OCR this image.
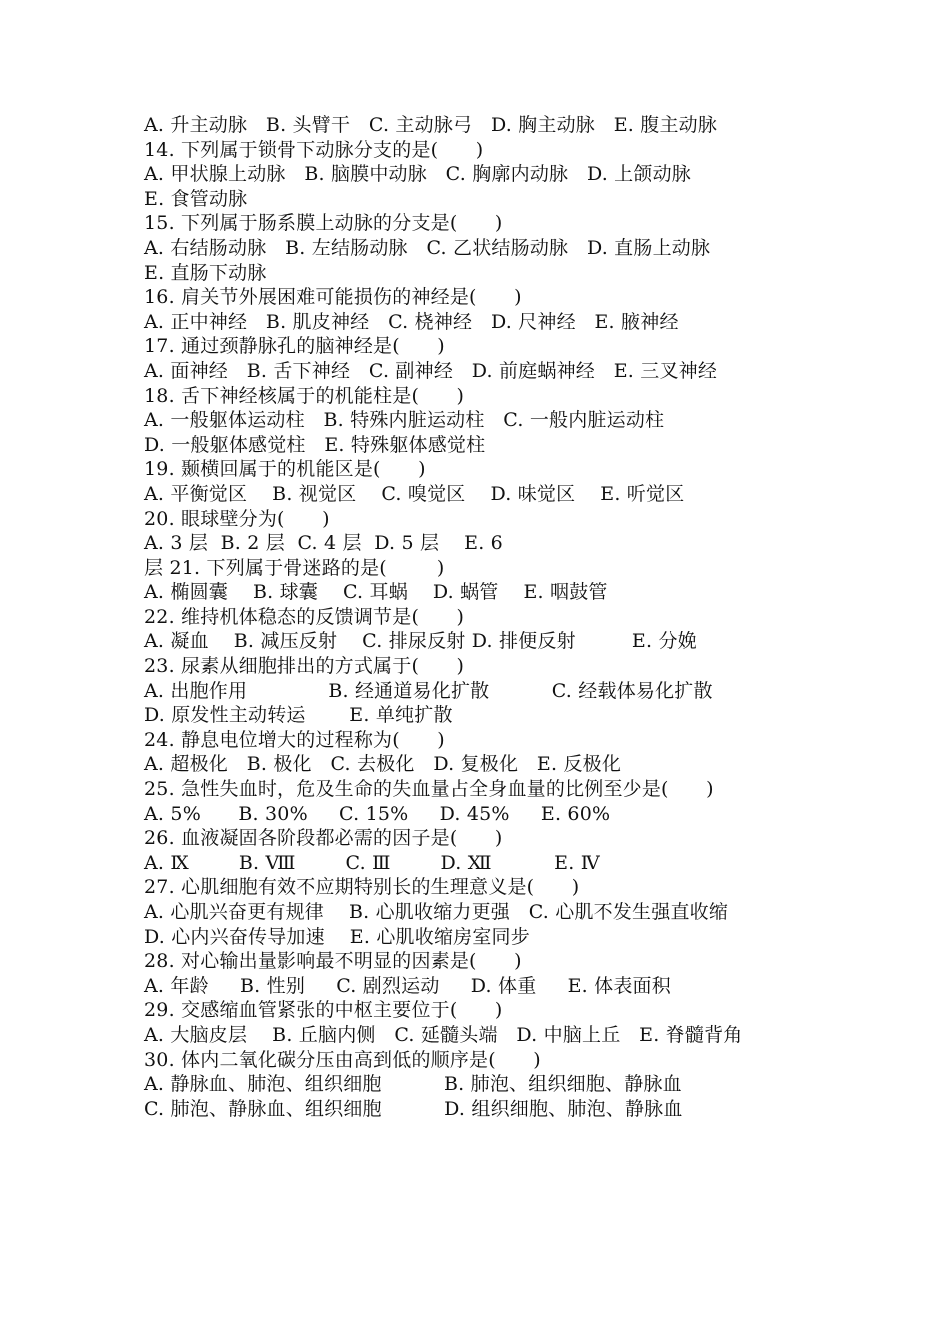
A. 升主动脉   B. 头臂干   C. 主动脉弓   D. 胸主动脉   E. 腹主动脉
14. 下列属于锁骨下动脉分支的是(      )
A. 甲状腺上动脉   B. 脑膜中动脉   C. 胸廓内动脉   D. 上颌动脉
E. 食管动脉
15. 下列属于肠系膜上动脉的分支是(      )
A. 右结肠动脉   B. 左结肠动脉   C. 乙状结肠动脉   D. 直肠上动脉
E. 直肠下动脉
16. 肩关节外展困难可能损伤的神经是(      )
A. 正中神经   B. 肌皮神经   C. 桡神经   D. 尺神经   E. 腋神经
17. 通过颈静脉孔的脑神经是(      )
A. 面神经   B. 舌下神经   C. 副神经   D. 前庭蜗神经   E. 三叉神经
18. 舌下神经核属于的机能柱是(      )
A. 一般躯体运动柱   B. 特殊内脏运动柱   C. 一般内脏运动柱
D. 一般躯体感觉柱   E. 特殊躯体感觉柱
19. 颞横回属于的机能区是(      )
A. 平衡觉区    B. 视觉区    C. 嗅觉区    D. 味觉区    E. 听觉区
20. 眼球壁分为(      )
A. 3 层  B. 2 层  C. 4 层  D. 5 层    E. 6
层 21. 下列属于骨迷路的是(        )
A. 椭圆囊    B. 球囊    C. 耳蜗    D. 蜗管    E. 咽鼓管
22. 维持机体稳态的反馈调节是(      )
A. 凝血    B. 减压反射    C. 排尿反射 D. 排便反射         E. 分娩
23. 尿素从细胞排出的方式属于(      )
A. 出胞作用             B. 经通道易化扩散          C. 经载体易化扩散
D. 原发性主动转运       E. 单纯扩散
24. 静息电位增大的过程称为(      )
A. 超极化   B. 极化   C. 去极化   D. 复极化   E. 反极化
25. 急性失血时，危及生命的失血量占全身血量的比例至少是(      )
A. 5%      B. 30%     C. 15%     D. 45%     E. 60%
26. 血液凝固各阶段都必需的因子是(      )
A. Ⅸ        B. Ⅷ        C. Ⅲ        D. Ⅻ          E. Ⅳ
27. 心肌细胞有效不应期特别长的生理意义是(      )
A. 心肌兴奋更有规律    B. 心肌收缩力更强   C. 心肌不发生强直收缩
D. 心内兴奋传导加速    E. 心肌收缩房室同步
28. 对心输出量影响最不明显的因素是(      )
A. 年龄     B. 性别     C. 剧烈运动     D. 体重     E. 体表面积
29. 交感缩血管紧张的中枢主要位于(      )
A. 大脑皮层    B. 丘脑内侧   C. 延髓头端   D. 中脑上丘   E. 脊髓背角
30. 体内二氧化碳分压由高到低的顺序是(      )
A. 静脉血、肺泡、组织细胞          B. 肺泡、组织细胞、静脉血
C. 肺泡、静脉血、组织细胞          D. 组织细胞、肺泡、静脉血
